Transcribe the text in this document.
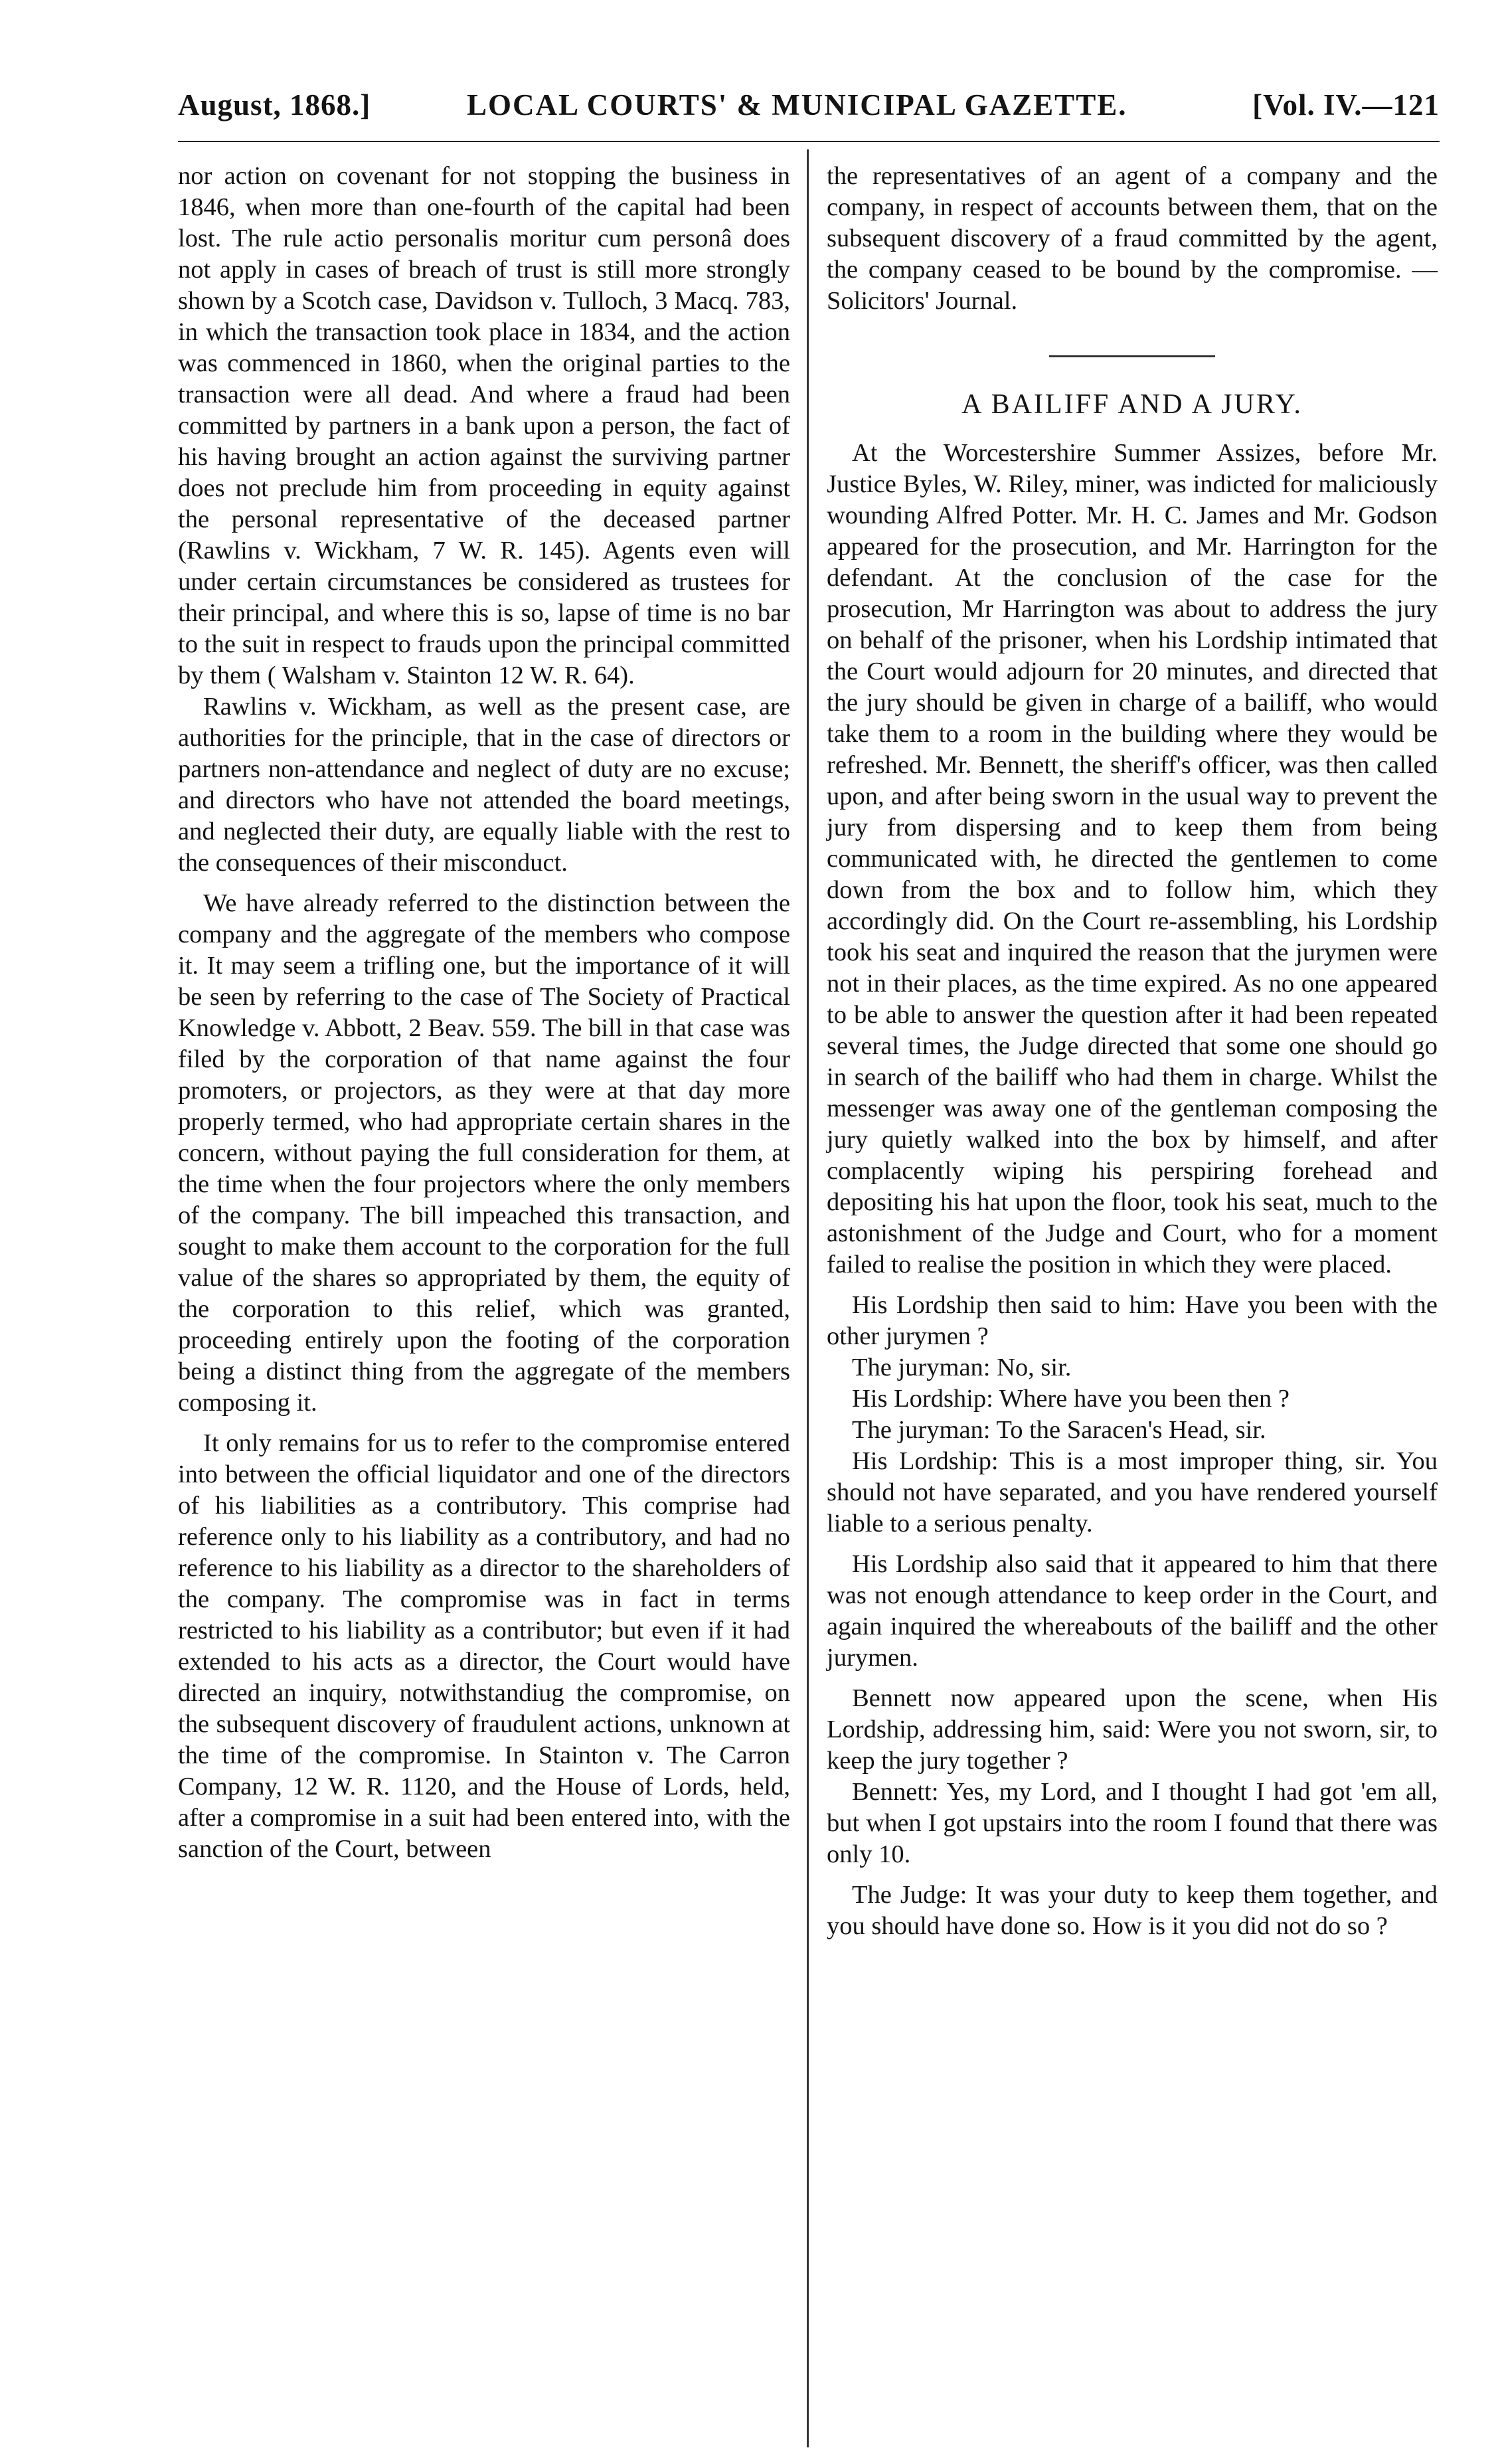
August, 1868.]	LOCAL COURTS' & MUNICIPAL GAZETTE.	[Vol. IV.—121

nor action on covenant for not stopping the business in 1846, when more than one-fourth of the capital had been lost. The rule actio personalis moritur cum personâ does not apply in cases of breach of trust is still more strongly shown by a Scotch case, Davidson v. Tulloch, 3 Macq. 783, in which the transaction took place in 1834, and the action was commenced in 1860, when the original parties to the transaction were all dead. And where a fraud had been committed by partners in a bank upon a person, the fact of his having brought an action against the surviving partner does not preclude him from proceeding in equity against the personal representative of the deceased partner (Rawlins v. Wickham, 7 W. R. 145). Agents even will under certain circumstances be considered as trustees for their principal, and where this is so, lapse of time is no bar to the suit in respect to frauds upon the principal committed by them ( Walsham v. Stainton 12 W. R. 64).

Rawlins v. Wickham, as well as the present case, are authorities for the principle, that in the case of directors or partners non-attendance and neglect of duty are no excuse; and directors who have not attended the board meetings, and neglected their duty, are equally liable with the rest to the consequences of their misconduct.

We have already referred to the distinction between the company and the aggregate of the members who compose it. It may seem a trifling one, but the importance of it will be seen by referring to the case of The Society of Practical Knowledge v. Abbott, 2 Beav. 559. The bill in that case was filed by the corporation of that name against the four promoters, or projectors, as they were at that day more properly termed, who had appropriate certain shares in the concern, without paying the full consideration for them, at the time when the four projectors where the only members of the company. The bill impeached this transaction, and sought to make them account to the corporation for the full value of the shares so appropriated by them, the equity of the corporation to this relief, which was granted, proceeding entirely upon the footing of the corporation being a distinct thing from the aggregate of the members composing it.

It only remains for us to refer to the compromise entered into between the official liquidator and one of the directors of his liabilities as a contributory. This comprise had reference only to his liability as a contributory, and had no reference to his liability as a director to the shareholders of the company. The compromise was in fact in terms restricted to his liability as a contributor; but even if it had extended to his acts as a director, the Court would have directed an inquiry, notwithstandiug the compromise, on the subsequent discovery of fraudulent actions, unknown at the time of the compromise. In Stainton v. The Carron Company, 12 W. R. 1120, and the House of Lords, held, after a compromise in a suit had been entered into, with the sanction of the Court, between

the representatives of an agent of a company and the company, in respect of accounts between them, that on the subsequent discovery of a fraud committed by the agent, the company ceased to be bound by the compromise. —Solicitors' Journal.

A BAILIFF AND A JURY.

At the Worcestershire Summer Assizes, before Mr. Justice Byles, W. Riley, miner, was indicted for maliciously wounding Alfred Potter. Mr. H. C. James and Mr. Godson appeared for the prosecution, and Mr. Harrington for the defendant. At the conclusion of the case for the prosecution, Mr Harrington was about to address the jury on behalf of the prisoner, when his Lordship intimated that the Court would adjourn for 20 minutes, and directed that the jury should be given in charge of a bailiff, who would take them to a room in the building where they would be refreshed. Mr. Bennett, the sheriff's officer, was then called upon, and after being sworn in the usual way to prevent the jury from dispersing and to keep them from being communicated with, he directed the gentlemen to come down from the box and to follow him, which they accordingly did. On the Court re-assembling, his Lordship took his seat and inquired the reason that the jurymen were not in their places, as the time expired. As no one appeared to be able to answer the question after it had been repeated several times, the Judge directed that some one should go in search of the bailiff who had them in charge. Whilst the messenger was away one of the gentleman composing the jury quietly walked into the box by himself, and after complacently wiping his perspiring forehead and depositing his hat upon the floor, took his seat, much to the astonishment of the Judge and Court, who for a moment failed to realise the position in which they were placed.

His Lordship then said to him: Have you been with the other jurymen ?

The juryman: No, sir.

His Lordship: Where have you been then ?

The juryman: To the Saracen's Head, sir.

His Lordship: This is a most improper thing, sir. You should not have separated, and you have rendered yourself liable to a serious penalty.

His Lordship also said that it appeared to him that there was not enough attendance to keep order in the Court, and again inquired the whereabouts of the bailiff and the other jurymen.

Bennett now appeared upon the scene, when His Lordship, addressing him, said: Were you not sworn, sir, to keep the jury together ?

Bennett: Yes, my Lord, and I thought I had got 'em all, but when I got upstairs into the room I found that there was only 10.

The Judge: It was your duty to keep them together, and you should have done so. How is it you did not do so ?
